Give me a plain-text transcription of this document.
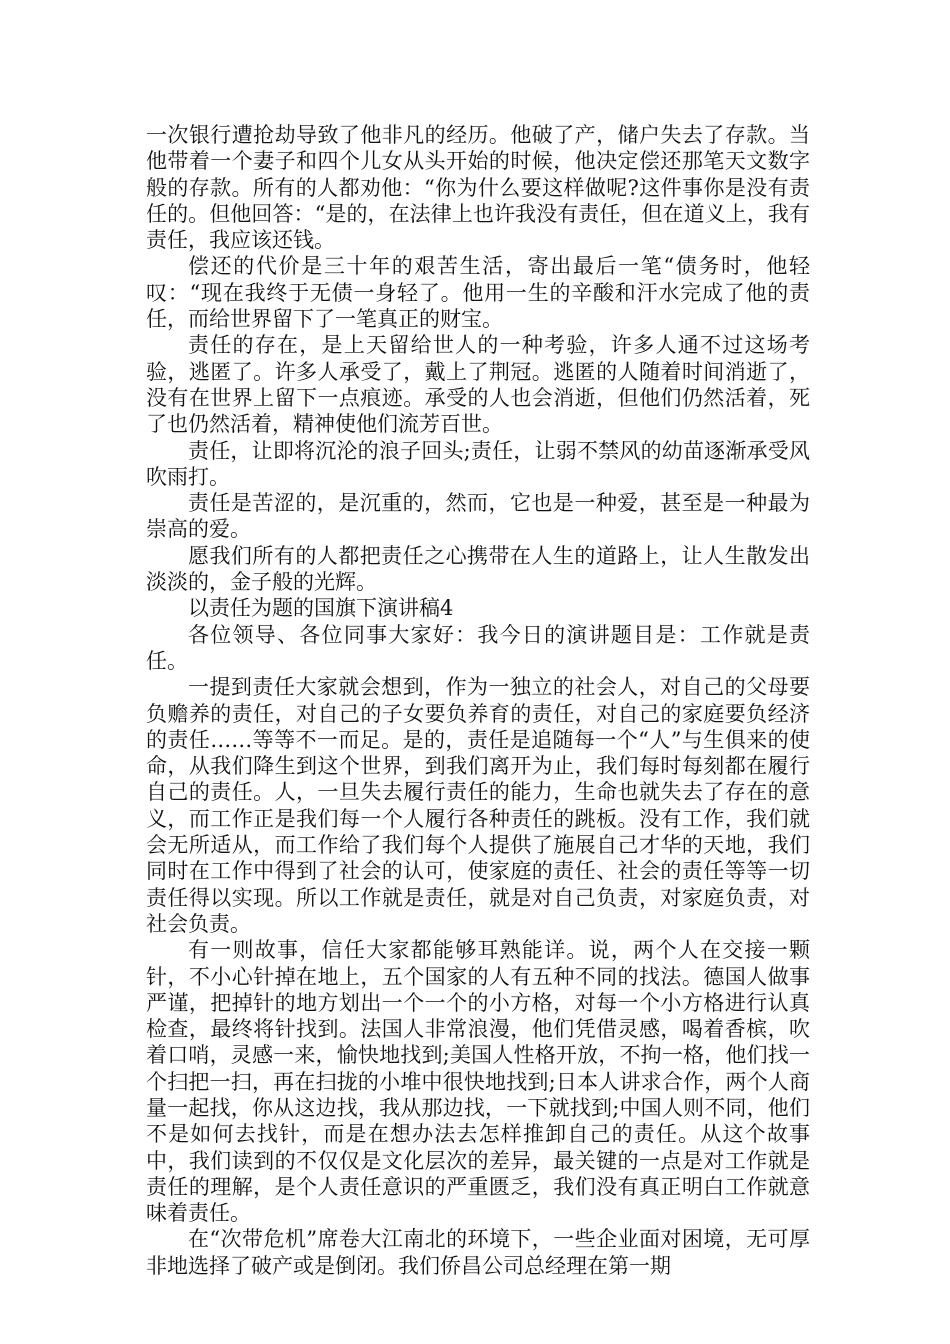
一次银行遭抢劫导致了他非凡的经历。他破了产，储户失去了存款。当他带着一个妻子和四个儿女从头开始的时候，他决定偿还那笔天文数字般的存款。所有的人都劝他：“你为什么要这样做呢?这件事你是没有责任的。但他回答：“是的，在法律上也许我没有责任，但在道义上，我有责任，我应该还钱。

偿还的代价是三十年的艰苦生活，寄出最后一笔“债务时，他轻叹：“现在我终于无债一身轻了。他用一生的辛酸和汗水完成了他的责任，而给世界留下了一笔真正的财宝。

责任的存在，是上天留给世人的一种考验，许多人通不过这场考验，逃匿了。许多人承受了，戴上了荆冠。逃匿的人随着时间消逝了，没有在世界上留下一点痕迹。承受的人也会消逝，但他们仍然活着，死了也仍然活着，精神使他们流芳百世。

责任，让即将沉沦的浪子回头;责任，让弱不禁风的幼苗逐渐承受风吹雨打。

责任是苦涩的，是沉重的，然而，它也是一种爱，甚至是一种最为崇高的爱。

愿我们所有的人都把责任之心携带在人生的道路上，让人生散发出淡淡的，金子般的光辉。

以责任为题的国旗下演讲稿4

各位领导、各位同事大家好：我今日的演讲题目是：工作就是责任。

一提到责任大家就会想到，作为一独立的社会人，对自己的父母要负赡养的责任，对自己的子女要负养育的责任，对自己的家庭要负经济的责任……等等不一而足。是的，责任是追随每一个“人”与生俱来的使命，从我们降生到这个世界，到我们离开为止，我们每时每刻都在履行自己的责任。人，一旦失去履行责任的能力，生命也就失去了存在的意义，而工作正是我们每一个人履行各种责任的跳板。没有工作，我们就会无所适从，而工作给了我们每个人提供了施展自己才华的天地，我们同时在工作中得到了社会的认可，使家庭的责任、社会的责任等等一切责任得以实现。所以工作就是责任，就是对自己负责，对家庭负责，对社会负责。

有一则故事，信任大家都能够耳熟能详。说，两个人在交接一颗针，不小心针掉在地上，五个国家的人有五种不同的找法。德国人做事严谨，把掉针的地方划出一个一个的小方格，对每一个小方格进行认真检查，最终将针找到。法国人非常浪漫，他们凭借灵感，喝着香槟，吹着口哨，灵感一来，愉快地找到;美国人性格开放，不拘一格，他们找一个扫把一扫，再在扫拢的小堆中很快地找到;日本人讲求合作，两个人商量一起找，你从这边找，我从那边找，一下就找到;中国人则不同，他们不是如何去找针，而是在想办法去怎样推卸自己的责任。从这个故事中，我们读到的不仅仅是文化层次的差异，最关键的一点是对工作就是责任的理解，是个人责任意识的严重匮乏，我们没有真正明白工作就意味着责任。

在“次带危机”席卷大江南北的环境下，一些企业面对困境，无可厚非地选择了破产或是倒闭。我们侨昌公司总经理在第一期
